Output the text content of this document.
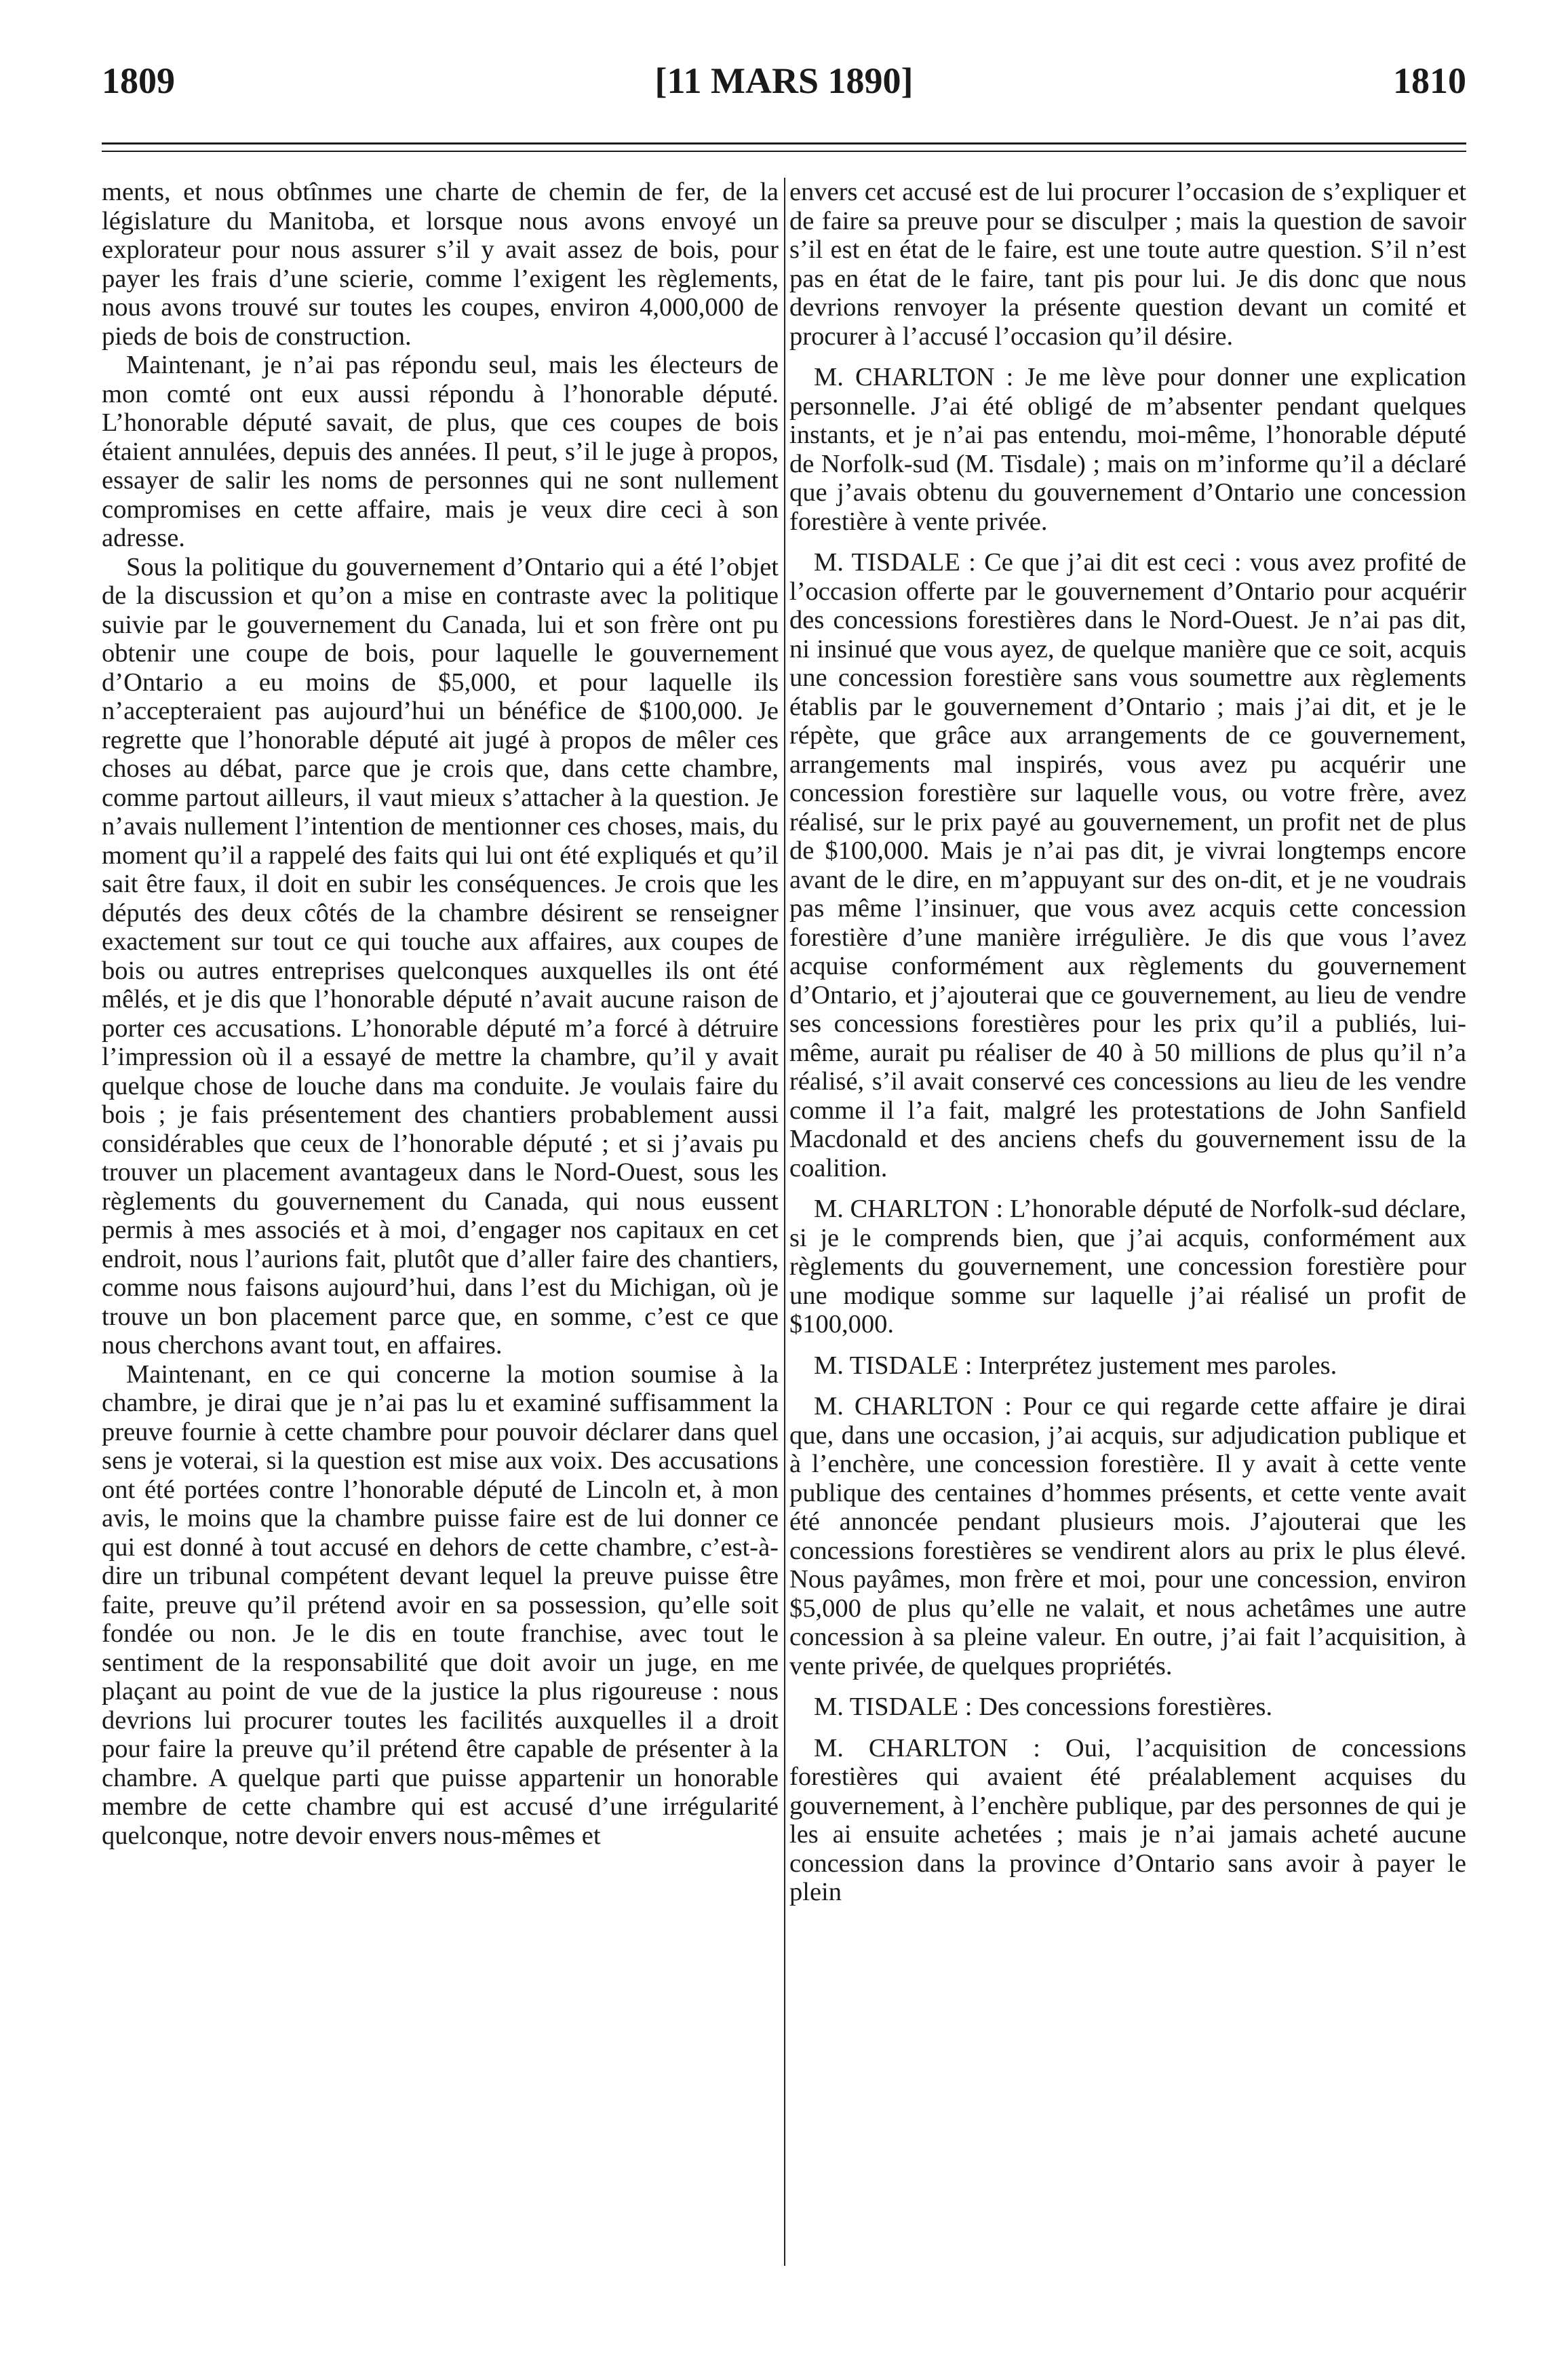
1809	[11 MARS 1890]	1810

ments, et nous obtînmes une charte de chemin de fer, de la législature du Manitoba, et lorsque nous avons envoyé un explorateur pour nous assurer s’il y avait assez de bois, pour payer les frais d’une scierie, comme l’exigent les règlements, nous avons trouvé sur toutes les coupes, environ 4,000,000 de pieds de bois de construction.

Maintenant, je n’ai pas répondu seul, mais les électeurs de mon comté ont eux aussi répondu à l’honorable député. L’honorable député savait, de plus, que ces coupes de bois étaient annulées, depuis des années. Il peut, s’il le juge à propos, essayer de salir les noms de personnes qui ne sont nullement compromises en cette affaire, mais je veux dire ceci à son adresse.

Sous la politique du gouvernement d’Ontario qui a été l’objet de la discussion et qu’on a mise en contraste avec la politique suivie par le gouvernement du Canada, lui et son frère ont pu obtenir une coupe de bois, pour laquelle le gouvernement d’Ontario a eu moins de $5,000, et pour laquelle ils n’accepteraient pas aujourd’hui un bénéfice de $100,000. Je regrette que l’honorable député ait jugé à propos de mêler ces choses au débat, parce que je crois que, dans cette chambre, comme partout ailleurs, il vaut mieux s’attacher à la question. Je n’avais nullement l’intention de mentionner ces choses, mais, du moment qu’il a rappelé des faits qui lui ont été expliqués et qu’il sait être faux, il doit en subir les conséquences. Je crois que les députés des deux côtés de la chambre désirent se renseigner exactement sur tout ce qui touche aux affaires, aux coupes de bois ou autres entreprises quelconques auxquelles ils ont été mêlés, et je dis que l’honorable député n’avait aucune raison de porter ces accusations. L’honorable député m’a forcé à détruire l’impression où il a essayé de mettre la chambre, qu’il y avait quelque chose de louche dans ma conduite. Je voulais faire du bois ; je fais présentement des chantiers probablement aussi considérables que ceux de l’honorable député ; et si j’avais pu trouver un placement avantageux dans le Nord-Ouest, sous les règlements du gouvernement du Canada, qui nous eussent permis à mes associés et à moi, d’engager nos capitaux en cet endroit, nous l’aurions fait, plutôt que d’aller faire des chantiers, comme nous faisons aujourd’hui, dans l’est du Michigan, où je trouve un bon placement parce que, en somme, c’est ce que nous cherchons avant tout, en affaires.

Maintenant, en ce qui concerne la motion soumise à la chambre, je dirai que je n’ai pas lu et examiné suffisamment la preuve fournie à cette chambre pour pouvoir déclarer dans quel sens je voterai, si la question est mise aux voix. Des accusations ont été portées contre l’honorable député de Lincoln et, à mon avis, le moins que la chambre puisse faire est de lui donner ce qui est donné à tout accusé en dehors de cette chambre, c’est-à-dire un tribunal compétent devant lequel la preuve puisse être faite, preuve qu’il prétend avoir en sa possession, qu’elle soit fondée ou non. Je le dis en toute franchise, avec tout le sentiment de la responsabilité que doit avoir un juge, en me plaçant au point de vue de la justice la plus rigoureuse : nous devrions lui procurer toutes les facilités auxquelles il a droit pour faire la preuve qu’il prétend être capable de présenter à la chambre. A quelque parti que puisse appartenir un honorable membre de cette chambre qui est accusé d’une irrégularité quelconque, notre devoir envers nous-mêmes et

envers cet accusé est de lui procurer l’occasion de s’expliquer et de faire sa preuve pour se disculper ; mais la question de savoir s’il est en état de le faire, est une toute autre question. S’il n’est pas en état de le faire, tant pis pour lui. Je dis donc que nous devrions renvoyer la présente question devant un comité et procurer à l’accusé l’occasion qu’il désire.

M. CHARLTON : Je me lève pour donner une explication personnelle. J’ai été obligé de m’absenter pendant quelques instants, et je n’ai pas entendu, moi-même, l’honorable député de Norfolk-sud (M. Tisdale) ; mais on m’informe qu’il a déclaré que j’avais obtenu du gouvernement d’Ontario une concession forestière à vente privée.

M. TISDALE : Ce que j’ai dit est ceci : vous avez profité de l’occasion offerte par le gouvernement d’Ontario pour acquérir des concessions forestières dans le Nord-Ouest. Je n’ai pas dit, ni insinué que vous ayez, de quelque manière que ce soit, acquis une concession forestière sans vous soumettre aux règlements établis par le gouvernement d’Ontario ; mais j’ai dit, et je le répète, que grâce aux arrangements de ce gouvernement, arrangements mal inspirés, vous avez pu acquérir une concession forestière sur laquelle vous, ou votre frère, avez réalisé, sur le prix payé au gouvernement, un profit net de plus de $100,000. Mais je n’ai pas dit, je vivrai longtemps encore avant de le dire, en m’appuyant sur des on-dit, et je ne voudrais pas même l’insinuer, que vous avez acquis cette concession forestière d’une manière irrégulière. Je dis que vous l’avez acquise conformément aux règlements du gouvernement d’Ontario, et j’ajouterai que ce gouvernement, au lieu de vendre ses concessions forestières pour les prix qu’il a publiés, lui-même, aurait pu réaliser de 40 à 50 millions de plus qu’il n’a réalisé, s’il avait conservé ces concessions au lieu de les vendre comme il l’a fait, malgré les protestations de John Sanfield Macdonald et des anciens chefs du gouvernement issu de la coalition.

M. CHARLTON : L’honorable député de Norfolk-sud déclare, si je le comprends bien, que j’ai acquis, conformément aux règlements du gouvernement, une concession forestière pour une modique somme sur laquelle j’ai réalisé un profit de $100,000.

M. TISDALE : Interprétez justement mes paroles.

M. CHARLTON : Pour ce qui regarde cette affaire je dirai que, dans une occasion, j’ai acquis, sur adjudication publique et à l’enchère, une concession forestière. Il y avait à cette vente publique des centaines d’hommes présents, et cette vente avait été annoncée pendant plusieurs mois. J’ajouterai que les concessions forestières se vendirent alors au prix le plus élevé. Nous payâmes, mon frère et moi, pour une concession, environ $5,000 de plus qu’elle ne valait, et nous achetâmes une autre concession à sa pleine valeur. En outre, j’ai fait l’acquisition, à vente privée, de quelques propriétés.

M. TISDALE : Des concessions forestières.

M. CHARLTON : Oui, l’acquisition de concessions forestières qui avaient été préalablement acquises du gouvernement, à l’enchère publique, par des personnes de qui je les ai ensuite achetées ; mais je n’ai jamais acheté aucune concession dans la province d’Ontario sans avoir à payer le plein
